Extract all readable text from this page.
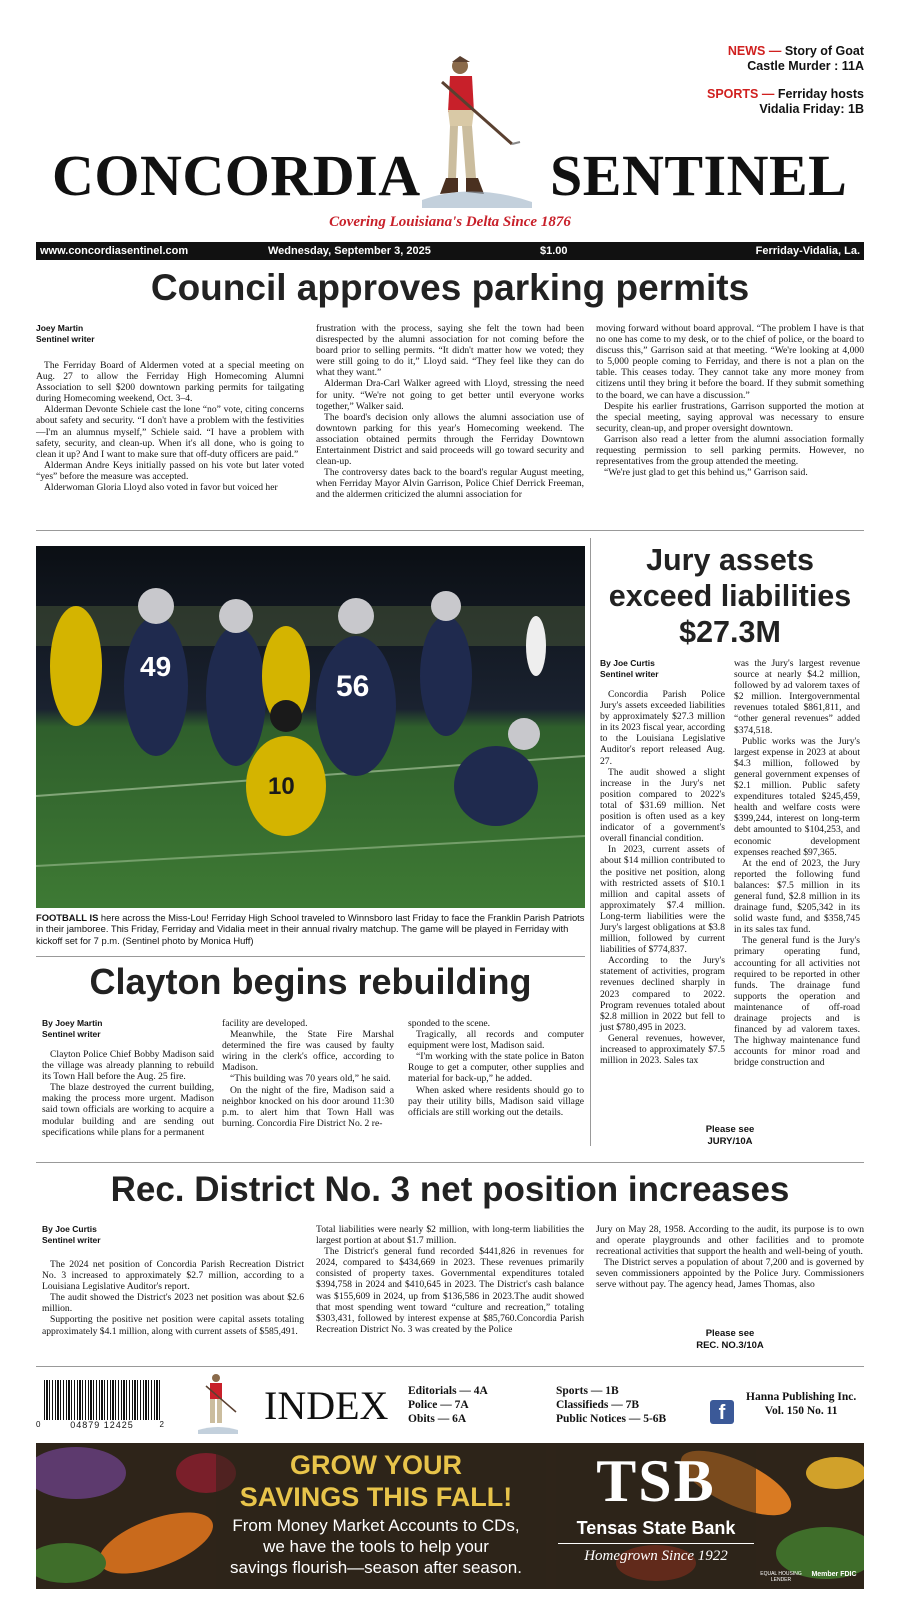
NEWS — Story of Goat
Castle Murder : 11A
SPORTS — Ferriday hosts
Vidalia Friday: 1B
CONCORDIA SENTINEL
Covering Louisiana's Delta Since 1876
www.concordiasentinel.com	Wednesday, September 3, 2025	$1.00	Ferriday-Vidalia, La.
Council approves parking permits
Joey Martin
Sentinel writer

The Ferriday Board of Aldermen voted at a special meeting on Aug. 27 to allow the Ferriday High Homecoming Alumni Association to sell $200 downtown parking permits for tailgating during Homecoming weekend, Oct. 3–4.

Alderman Devonte Schiele cast the lone “no” vote, citing concerns about safety and security. “I don't have a problem with the festivities—I'm an alumnus myself,” Schiele said. “I have a problem with safety, security, and clean-up. When it's all done, who is going to clean it up? And I want to make sure that off-duty officers are paid.”

Alderman Andre Keys initially passed on his vote but later voted “yes” before the measure was accepted.

Alderwoman Gloria Lloyd also voted in favor but voiced her

frustration with the process, saying she felt the town had been disrespected by the alumni association for not coming before the board prior to selling permits. “It didn't matter how we voted; they were still going to do it,” Lloyd said. “They feel like they can do what they want.”

Alderman Dra-Carl Walker agreed with Lloyd, stressing the need for unity. “We're not going to get better until everyone works together,” Walker said.

The board's decision only allows the alumni association use of downtown parking for this year's Homecoming weekend. The association obtained permits through the Ferriday Downtown Entertainment District and said proceeds will go toward security and clean-up.

The controversy dates back to the board's regular August meeting, when Ferriday Mayor Alvin Garrison, Police Chief Derrick Freeman, and the aldermen criticized the alumni association for

moving forward without board approval. “The problem I have is that no one has come to my desk, or to the chief of police, or the board to discuss this,” Garrison said at that meeting. “We're looking at 4,000 to 5,000 people coming to Ferriday, and there is not a plan on the table. This ceases today. They cannot take any more money from citizens until they bring it before the board. If they submit something to the board, we can have a discussion.”

Despite his earlier frustrations, Garrison supported the motion at the special meeting, saying approval was necessary to ensure security, clean-up, and proper oversight downtown.

Garrison also read a letter from the alumni association formally requesting permission to sell parking permits. However, no representatives from the group attended the meeting.

“We're just glad to get this behind us,” Garrison said.

49
56
10
FOOTBALL IS here across the Miss-Lou! Ferriday High School traveled to Winnsboro last Friday to face the Franklin Parish Patriots in their jamboree. This Friday, Ferriday and Vidalia meet in their annual rivalry matchup. The game will be played in Ferriday with kickoff set for 7 p.m. (Sentinel photo by Monica Huff)
Jury assets
exceed liabilities
$27.3M
By Joe Curtis
Sentinel writer

Concordia Parish Police Jury's assets exceeded liabilities by approximately $27.3 million in its 2023 fiscal year, according to the Louisiana Legislative Auditor's report released Aug. 27.

The audit showed a slight increase in the Jury's net position compared to 2022's total of $31.69 million. Net position is often used as a key indicator of a government's overall financial condition.

In 2023, current assets of about $14 million contributed to the positive net position, along with restricted assets of $10.1 million and capital assets of approximately $7.4 million. Long-term liabilities were the Jury's largest obligations at $3.8 million, followed by current liabilities of $774,837.

According to the Jury's statement of activities, program revenues declined sharply in 2023 compared to 2022. Program revenues totaled about $2.8 million in 2022 but fell to just $780,495 in 2023.

General revenues, however, increased to approximately $7.5 million in 2023. Sales tax

was the Jury's largest revenue source at nearly $4.2 million, followed by ad valorem taxes of $2 million. Intergovernmental revenues totaled $861,811, and “other general revenues” added $374,518.

Public works was the Jury's largest expense in 2023 at about $4.3 million, followed by general government expenses of $2.1 million. Public safety expenditures totaled $245,459, health and welfare costs were $399,244, interest on long-term debt amounted to $104,253, and economic development expenses reached $97,365.

At the end of 2023, the Jury reported the following fund balances: $7.5 million in its general fund, $2.8 million in its drainage fund, $205,342 in its solid waste fund, and $358,745 in its sales tax fund.

The general fund is the Jury's primary operating fund, accounting for all activities not required to be reported in other funds. The drainage fund supports the operation and maintenance of off-road drainage projects and is financed by ad valorem taxes. The highway maintenance fund accounts for minor road and bridge construction and

Please see
JURY/10A
Clayton begins rebuilding
By Joey Martin
Sentinel writer

Clayton Police Chief Bobby Madison said the village was already planning to rebuild its Town Hall before the Aug. 25 fire.

The blaze destroyed the current building, making the process more urgent. Madison said town officials are working to acquire a modular building and are sending out specifications while plans for a permanent

facility are developed.

Meanwhile, the State Fire Marshal determined the fire was caused by faulty wiring in the clerk's office, according to Madison.

“This building was 70 years old,” he said.

On the night of the fire, Madison said a neighbor knocked on his door around 11:30 p.m. to alert him that Town Hall was burning. Concordia Fire District No. 2 re-

sponded to the scene.

Tragically, all records and computer equipment were lost, Madison said.

“I'm working with the state police in Baton Rouge to get a computer, other supplies and material for back-up,” he added.

When asked where residents should go to pay their utility bills, Madison said village officials are still working out the details.

Rec. District No. 3 net position increases
By Joe Curtis
Sentinel writer

The 2024 net position of Concordia Parish Recreation District No. 3 increased to approximately $2.7 million, according to a Louisiana Legislative Auditor's report.

The audit showed the District's 2023 net position was about $2.6 million.

Supporting the positive net position were capital assets totaling approximately $4.1 million, along with current assets of $585,491.

Total liabilities were nearly $2 million, with long-term liabilities the largest portion at about $1.7 million.

The District's general fund recorded $441,826 in revenues for 2024, compared to $434,669 in 2023. These revenues primarily consisted of property taxes. Governmental expenditures totaled $394,758 in 2024 and $410,645 in 2023. The District's cash balance was $155,609 in 2024, up from $136,586 in 2023.The audit showed that most spending went toward “culture and recreation,” totaling $303,431, followed by interest expense at $85,760.Concordia Parish Recreation District No. 3 was created by the Police

Jury on May 28, 1958. According to the audit, its purpose is to own and operate playgrounds and other facilities and to promote recreational activities that support the health and well-being of youth.

The District serves a population of about 7,200 and is governed by seven commissioners appointed by the Police Jury. Commissioners serve without pay. The agency head, James Thomas, also

Please see
REC. NO.3/10A
0	04879 12425	2	INDEX Editorials — 4A
Police — 7A
Obits — 6A
Sports — 1B
Classifieds — 7B
Public Notices — 5-6B	f
Hanna Publishing Inc.
Vol. 150 No. 11
GROW YOUR
SAVINGS THIS FALL!
From Money Market Accounts to CDs,
we have the tools to help your
savings flourish—season after season.
TSB
Tensas State Bank
Homegrown Since 1922
EQUAL HOUSING LENDER
Member FDIC
